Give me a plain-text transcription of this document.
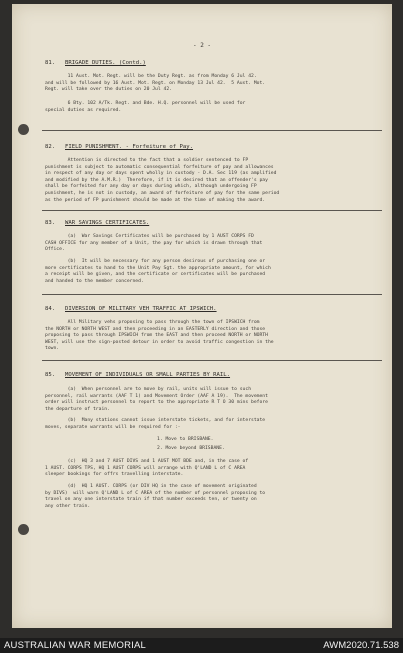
- 2 -
81. BRIGADE DUTIES. (Contd.)
11 Aust. Mot. Regt. will be the Duty Regt. as from Monday 6 Jul 42.
and will be followed by 16 Aust. Mot. Regt. on Monday 13 Jul 42.  5 Aust. Mot.
Regt. will take over the duties on 20 Jul 42.
6 Bty. 102 A/Tk. Regt. and Bde. H.Q. personnel will be used for
special duties as required.
82. FIELD PUNISHMENT. - Forfeiture of Pay.
Attention is directed to the fact that a soldier sentenced to FP
punishment is subject to automatic consequential forfeiture of pay and allowances
in respect of any day or days spent wholly in custody - D.A. Sec 119 (as amplified
and modified by the A.M.R.)  Therefore, if it is desired that an offender's pay
shall be forfeited for any day or days during which, although undergoing FP
punishment, he is not in custody, an award of forfeiture of pay for the same period
as the period of FP punishment should be made at the time of making the award.
83. WAR SAVINGS CERTIFICATES.
(a)  War Savings Certificates will be purchased by 1 AUST CORPS FD
CASH OFFICE for any member of a Unit, the pay for which is drawn through that
Office.
(b)  It will be necessary for any person desirous of purchasing one or
more certificates to hand to the Unit Pay Sgt. the appropriate amount, for which
a receipt will be given, and the certificate or certificates will be purchased
and handed to the member concerned.
84. DIVERSION OF MILITARY VEH TRAFFIC AT IPSWICH.
All Military vehs proposing to pass through the town of IPSWICH from
the NORTH or NORTH WEST and then proceeding in an EASTERLY direction and those
proposing to pass through IPSWICH from the EAST and then proceed NORTH or NORTH
WEST, will use the sign-posted detour in order to avoid traffic congestion in the
town.
85. MOVEMENT OF INDIVIDUALS OR SMALL PARTIES BY RAIL.
(a)  When personnel are to move by rail, units will issue to such
personnel, rail warrants (AAF T 1) and Movement Order (AAF A 19).  The movement
order will instruct personnel to report to the appropriate R T O 30 mins before
the departure of train.
(b)  Many stations cannot issue interstate tickets, and for interstate
moves, separate warrants will be required for :-
1. Move to BRISBANE.
2. Move beyond BRISBANE.
(c)  HQ 3 and 7 AUST DIVS and 1 AUST MOT BDE and, in the case of
1 AUST. CORPS TPS, HQ 1 AUST CORPS will arrange with Q'LAND L of C AREA
sleeper bookings for offrs travelling interstate.
(d)  HQ 1 AUST. CORPS (or DIV HQ in the case of movement originated
by DIVS)  will warn Q'LAND L of C AREA of the number of personnel proposing to
travel on any one interstate train if that number exceeds ten, or twenty on
any other train.
AUSTRALIAN WAR MEMORIAL	AWM2020.71.538
